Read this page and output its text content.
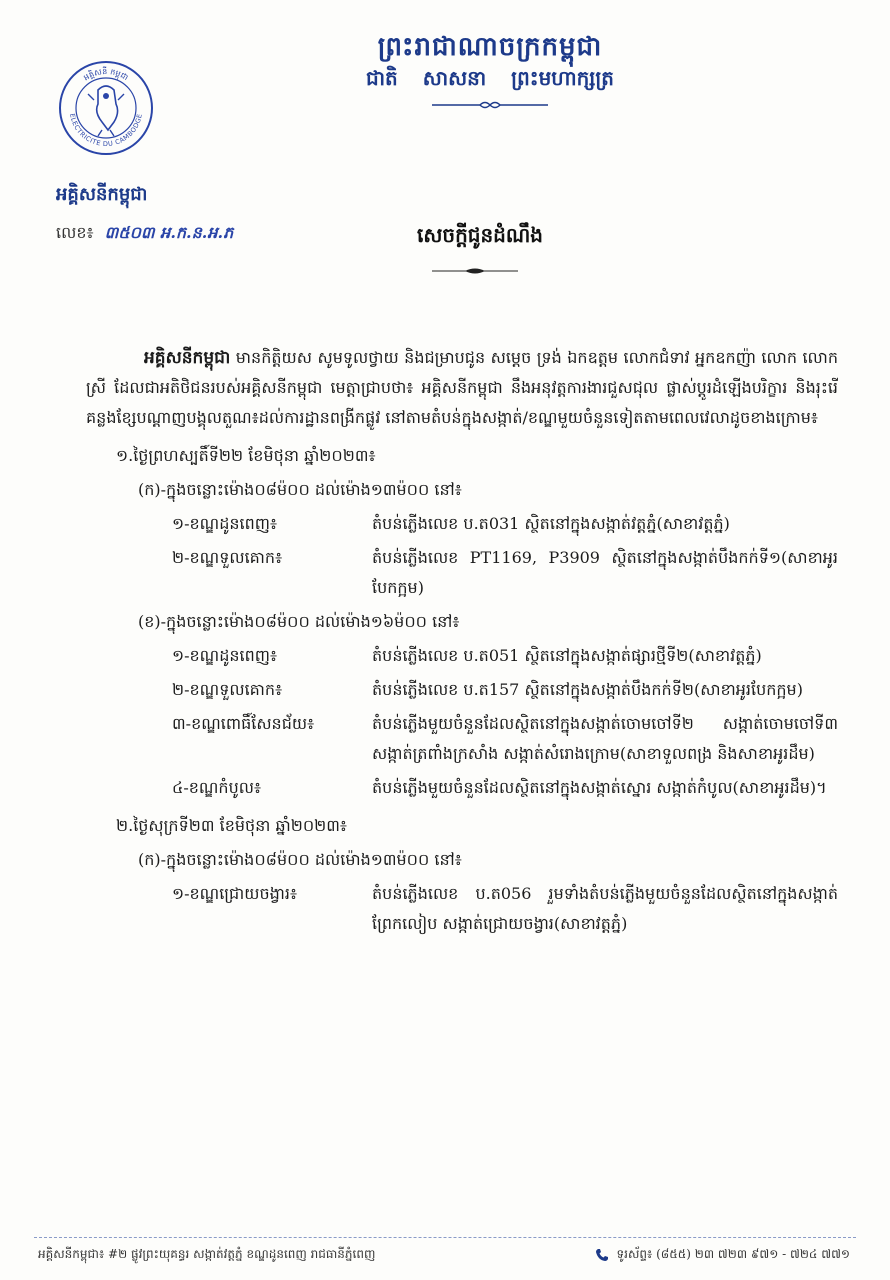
ព្រះរាជាណាចក្រកម្ពុជា
ជាតិ សាសនា ព្រះមហាក្សត្រ
អគ្គិសនី កម្ពុជា
ELECTRICITE DU CAMBODGE
អគ្គិសនីកម្ពុជា
លេខ៖ ៣៥០៣ អ.ក.ន.អ.ភ	សេចក្តីជូនដំណឹង

អគ្គិសនីកម្ពុជា មានកិត្តិយស សូមទូលថ្វាយ និងជម្រាបជូន សម្តេច ទ្រង់ ឯកឧត្តម លោកជំទាវ អ្នកឧកញ៉ា លោក លោកស្រី ដែលជាអតិថិជនរបស់អគ្គិសនីកម្ពុជា មេត្តាជ្រាបថា៖ អគ្គិសនីកម្ពុជា នឹងអនុវត្តការងារជួសជុល ផ្លាស់ប្តូរដំឡើងបរិក្ខារ និងរុះរើគន្លងខ្សែបណ្តាញបង្គុលតួណ៖ដល់ការដ្ឋានពង្រីកផ្លូវ នៅតាមតំបន់ក្នុងសង្កាត់/ខណ្ឌមួយចំនួនទៀតតាមពេលវេលាដូចខាងក្រោម៖

១.ថ្ងៃព្រហស្បតិ៍ទី២២ ខែមិថុនា ឆ្នាំ២០២៣៖
(ក)-ក្នុងចន្លោះម៉ោង០៨ម៉០០ ដល់ម៉ោង១៣ម៉០០ នៅ៖
១-ខណ្ឌដូនពេញ៖	តំបន់ភ្លើងលេខ ប.ត031 ស្ថិតនៅក្នុងសង្កាត់វត្តភ្នំ(សាខាវត្តភ្នំ)
២-ខណ្ឌទួលគោក៖	តំបន់ភ្លើងលេខ PT1169, P3909 ស្ថិតនៅក្នុងសង្កាត់បឹងកក់ទី១(សាខាអូរបែកក្អម)
(ខ)-ក្នុងចន្លោះម៉ោង០៨ម៉០០ ដល់ម៉ោង១៦ម៉០០ នៅ៖
១-ខណ្ឌដូនពេញ៖	តំបន់ភ្លើងលេខ ប.ត051 ស្ថិតនៅក្នុងសង្កាត់ផ្សារថ្មីទី២(សាខាវត្តភ្នំ)
២-ខណ្ឌទួលគោក៖	តំបន់ភ្លើងលេខ ប.ត157 ស្ថិតនៅក្នុងសង្កាត់បឹងកក់ទី២(សាខាអូរបែកក្អម)
៣-ខណ្ឌពោធិ៍សែនជ័យ៖	តំបន់ភ្លើងមួយចំនួនដែលស្ថិតនៅក្នុងសង្កាត់ចោមចៅទី២ សង្កាត់ចោមចៅទី៣ សង្កាត់ត្រពាំងក្រសាំង សង្កាត់សំរោងក្រោម(សាខាទួលពង្រ និងសាខាអូរដឹម)
៤-ខណ្ឌកំបូល៖	តំបន់ភ្លើងមួយចំនួនដែលស្ថិតនៅក្នុងសង្កាត់ស្នោរ សង្កាត់កំបូល(សាខាអូរដឹម)។
២.ថ្ងៃសុក្រទី២៣ ខែមិថុនា ឆ្នាំ២០២៣៖
(ក)-ក្នុងចន្លោះម៉ោង០៨ម៉០០ ដល់ម៉ោង១៣ម៉០០ នៅ៖
១-ខណ្ឌជ្រោយចង្វារ៖	តំបន់ភ្លើងលេខ ប.ត056 រួមទាំងតំបន់ភ្លើងមួយចំនួនដែលស្ថិតនៅក្នុងសង្កាត់ព្រែកលៀប សង្កាត់ជ្រោយចង្វារ(សាខាវត្តភ្នំ)
អគ្គិសនីកម្ពុជា៖ #២ ផ្លូវព្រះយុគន្ធរ សង្កាត់វត្តភ្នំ ខណ្ឌដូនពេញ រាជធានីភ្នំពេញ	ទូរស័ព្ទ៖ (៨៥៥) ២៣ ៧២៣ ៩៧១ - ៧២៤ ៧៧១
